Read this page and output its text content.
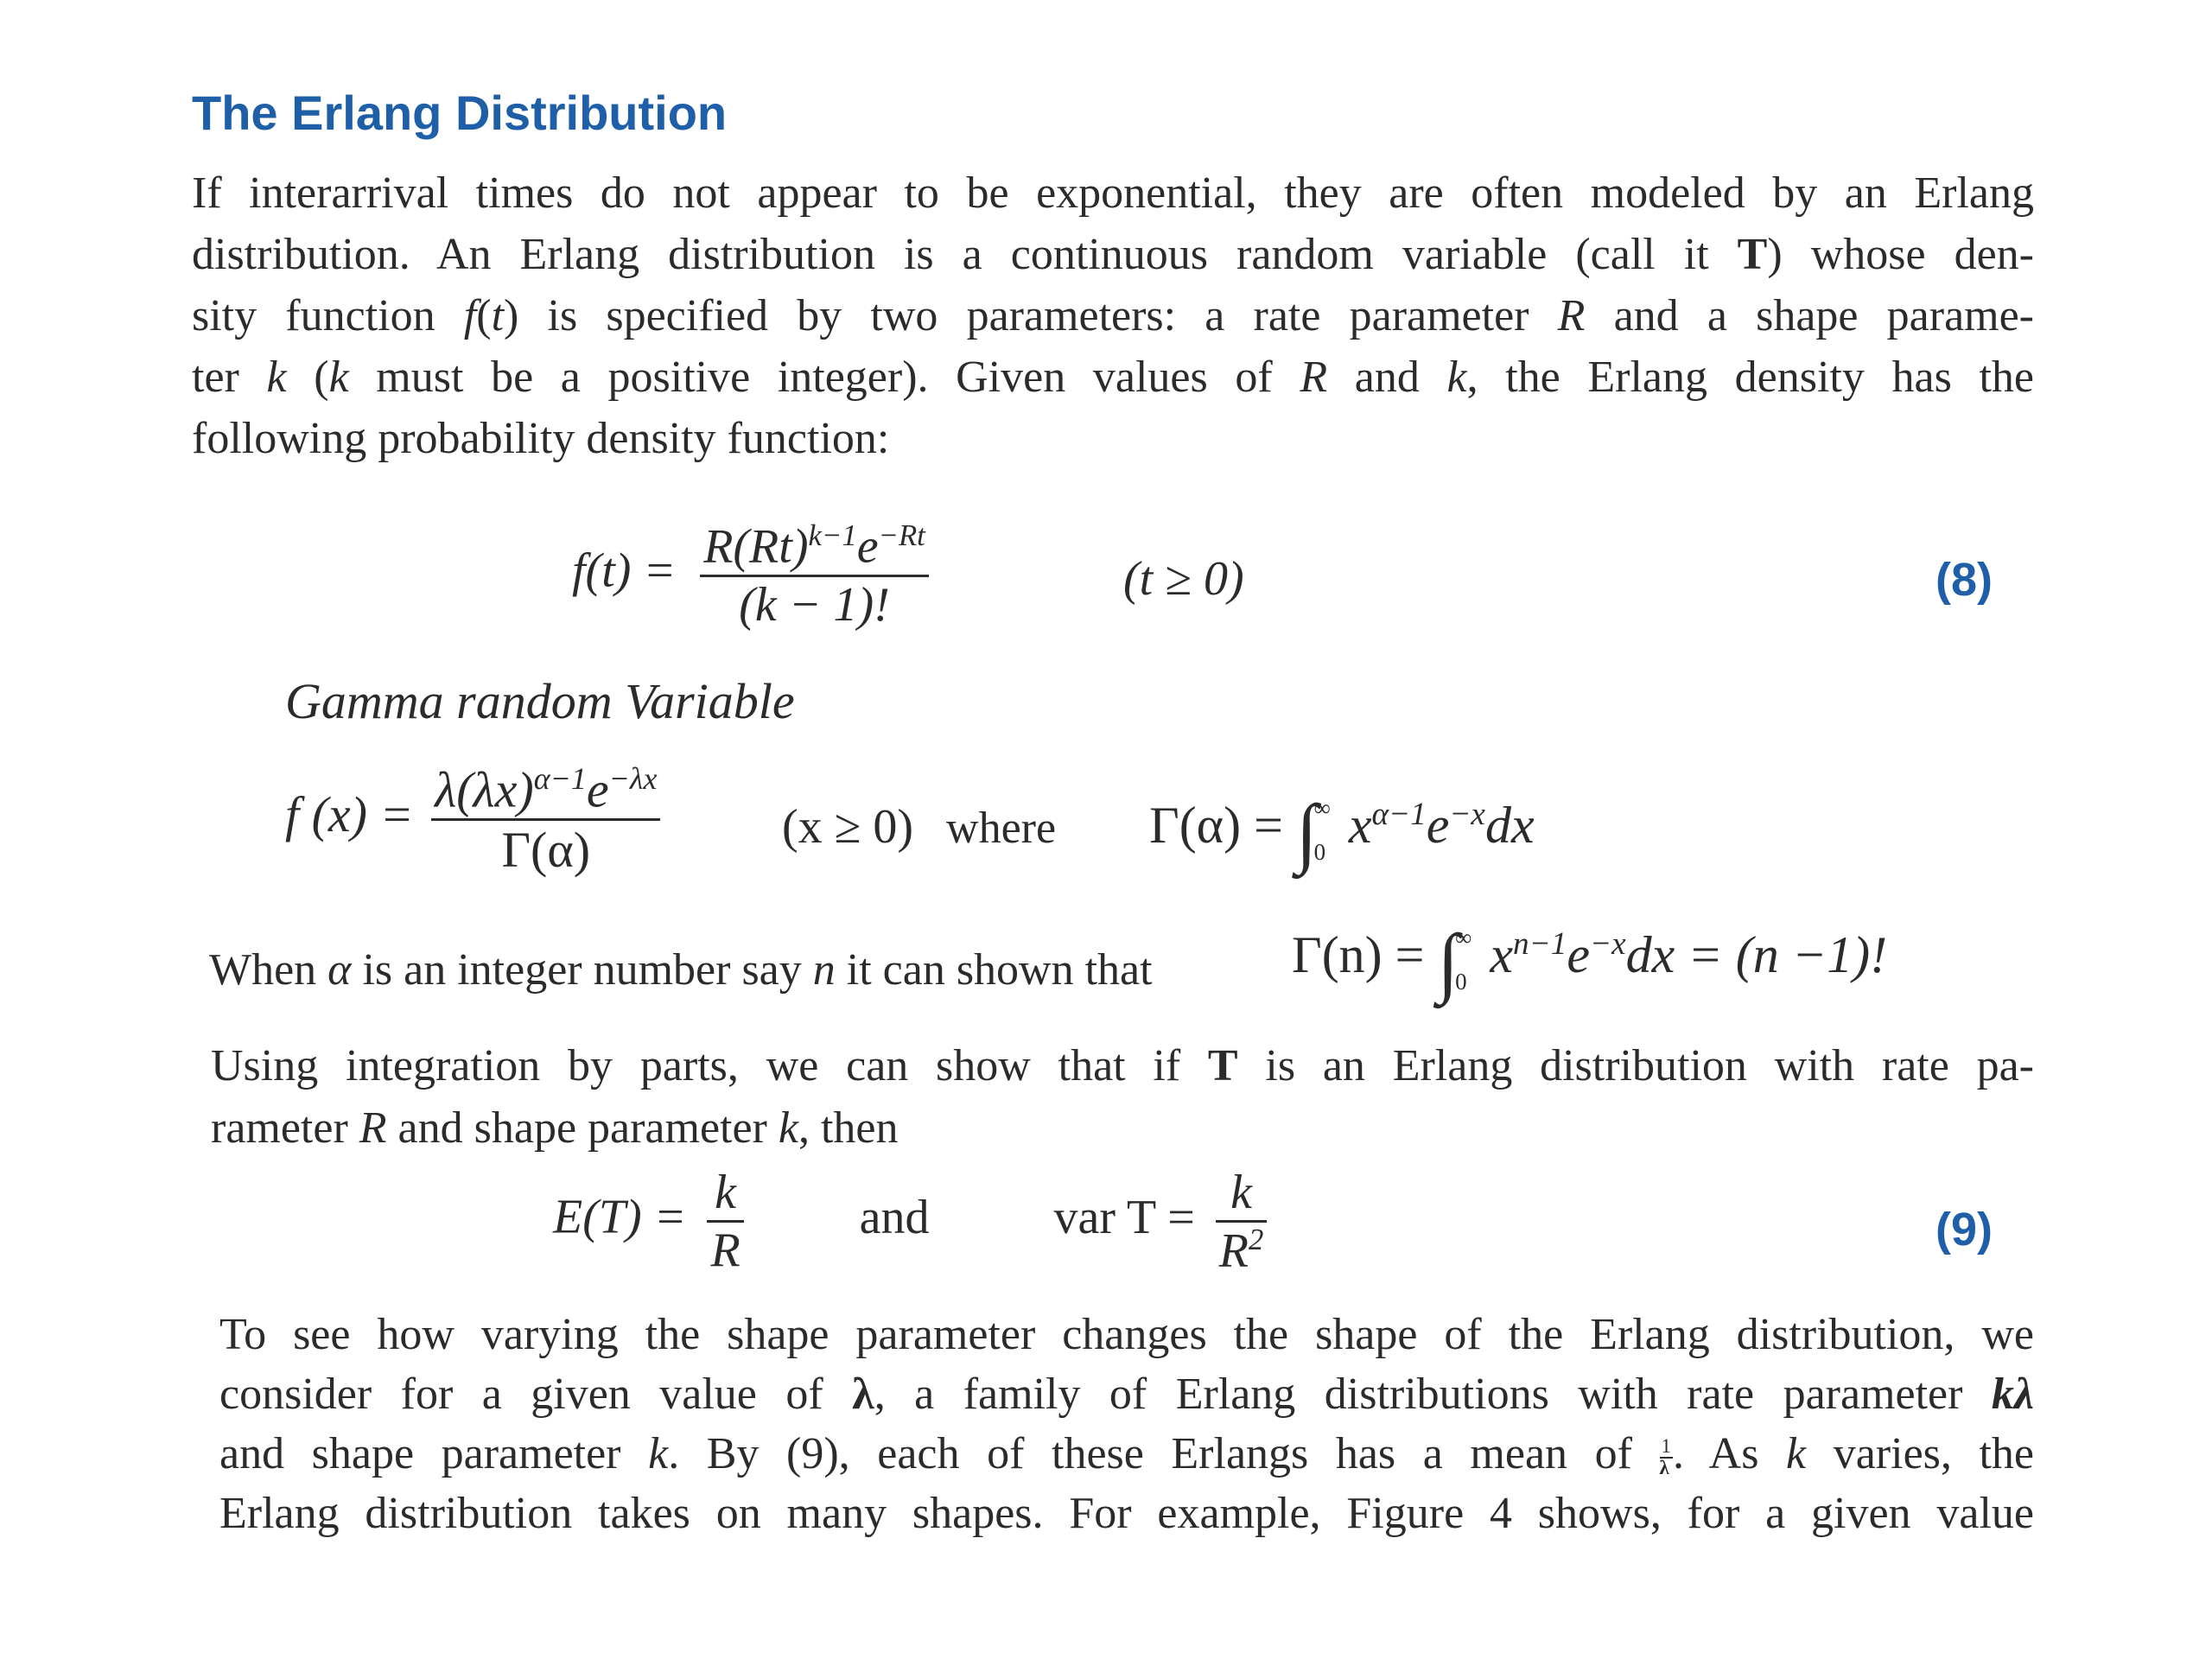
The Erlang Distribution
If interarrival times do not appear to be exponential, they are often modeled by an Erlang
distribution. An Erlang distribution is a continuous random variable (call it T) whose den-
sity function f(t) is specified by two parameters: a rate parameter R and a shape parame-
ter k (k must be a positive integer). Given values of R and k, the Erlang density has the
following probability density function:
$f(t) = \frac{R(Rt)^{k-1}e^{-Rt}}{(k - 1)!}$	(t ≥ 0)	(8)
Gamma random Variable
f $(x) = \frac{\lambda(\lambda x)^{\alpha-1}e^{-\lambda x}}{\Gamma(\alpha)}$	(x ≥ 0) where Γ(α) = ∫
∞
0 $x^{\alpha-1}e^{-x}dx$
When α is an integer number say n it can shown that	Γ(n) = ∫
∞
0 $x^{n-1}e^{-x}dx = (n -1)$!
Using integration by parts, we can show that if T is an Erlang distribution with rate pa-
rameter R and shape parameter k, then
$E(T) = \frac{k}{R}$ and	var $T = \frac{k}{R^2}$	(9)
To see how varying the shape parameter changes the shape of the Erlang distribution, we
consider for a given value of λ, a family of Erlang distributions with rate parameter kλ
and shape parameter k. By (9), each of these Erlangs has a mean of $\frac{1}{\lambda}$ . As k varies, the
Erlang distribution takes on many shapes. For example, Figure 4 shows, for a given value
